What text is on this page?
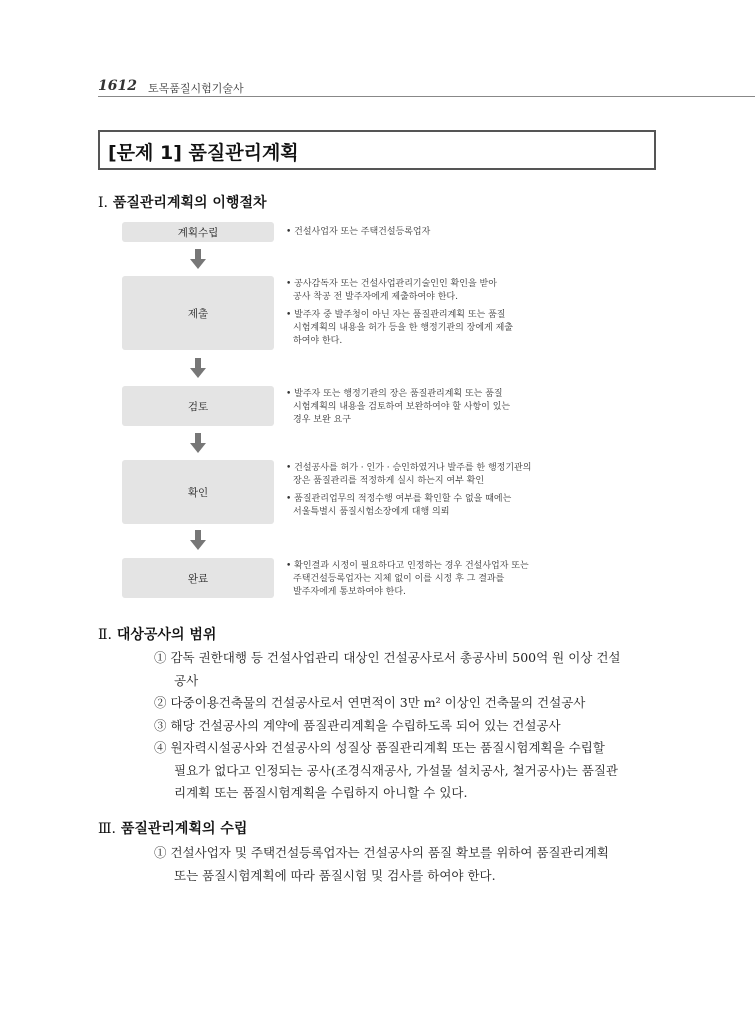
1612 토목품질시험기술사
[문제 1] 품질관리계획
Ⅰ. 품질관리계획의 이행절차
계획수립
제출
검토
확인
완료
• 건설사업자 또는 주택건설등록업자
• 공사감독자 또는 건설사업관리기술인인 확인을 받아
공사 착공 전 발주자에게 제출하여야 한다.
• 발주자 중 발주청이 아닌 자는 품질관리계획 또는 품질
시험계획의 내용을 허가 등을 한 행정기관의 장에게 제출
하여야 한다.
• 발주자 또는 행정기관의 장은 품질관리계획 또는 품질
시험계획의 내용을 검토하여 보완하여야 할 사항이 있는
경우 보완 요구
• 건설공사를 허가 · 인가 · 승인하였거나 발주를 한 행정기관의
장은 품질관리를 적정하게 실시 하는지 여부 확인
• 품질관리업무의 적정수행 여부를 확인할 수 없을 때에는
서울특별시 품질시험소장에게 대행 의뢰
• 확인결과 시정이 필요하다고 인정하는 경우 건설사업자 또는
주택건설등록업자는 지체 없이 이를 시정 후 그 결과를
발주자에게 통보하여야 한다.
Ⅱ. 대상공사의 범위
① 감독 권한대행 등 건설사업관리 대상인 건설공사로서 총공사비 500억 원 이상 건설
공사
② 다중이용건축물의 건설공사로서 연면적이 3만 m² 이상인 건축물의 건설공사
③ 해당 건설공사의 계약에 품질관리계획을 수립하도록 되어 있는 건설공사
④ 원자력시설공사와 건설공사의 성질상 품질관리계획 또는 품질시험계획을 수립할
필요가 없다고 인정되는 공사(조경식재공사, 가설물 설치공사, 철거공사)는 품질관
리계획 또는 품질시험계획을 수립하지 아니할 수 있다.
Ⅲ. 품질관리계획의 수립
① 건설사업자 및 주택건설등록업자는 건설공사의 품질 확보를 위하여 품질관리계획
또는 품질시험계획에 따라 품질시험 및 검사를 하여야 한다.
